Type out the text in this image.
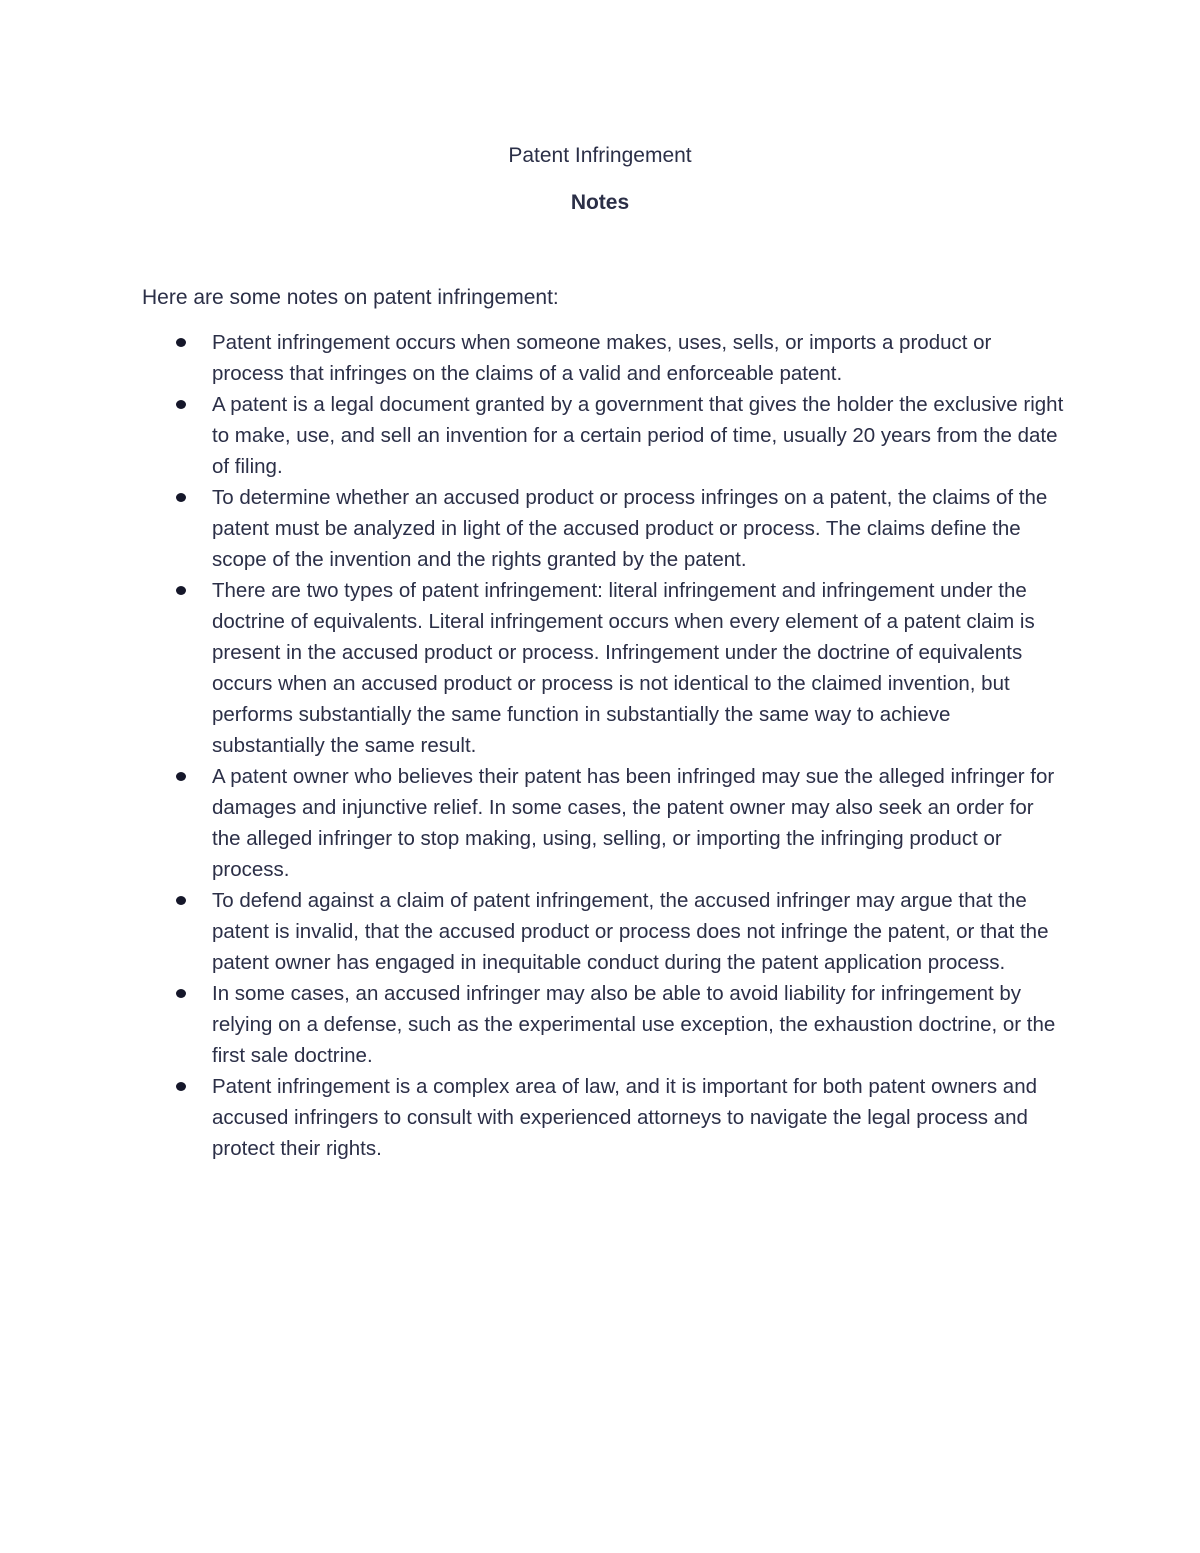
Patent Infringement
Notes

Here are some notes on patent infringement:

Patent infringement occurs when someone makes, uses, sells, or imports a product or process that infringes on the claims of a valid and enforceable patent.
A patent is a legal document granted by a government that gives the holder the exclusive right to make, use, and sell an invention for a certain period of time, usually 20 years from the date of filing.
To determine whether an accused product or process infringes on a patent, the claims of the patent must be analyzed in light of the accused product or process. The claims define the scope of the invention and the rights granted by the patent.
There are two types of patent infringement: literal infringement and infringement under the doctrine of equivalents. Literal infringement occurs when every element of a patent claim is present in the accused product or process. Infringement under the doctrine of equivalents occurs when an accused product or process is not identical to the claimed invention, but performs substantially the same function in substantially the same way to achieve substantially the same result.
A patent owner who believes their patent has been infringed may sue the alleged infringer for damages and injunctive relief. In some cases, the patent owner may also seek an order for the alleged infringer to stop making, using, selling, or importing the infringing product or process.
To defend against a claim of patent infringement, the accused infringer may argue that the patent is invalid, that the accused product or process does not infringe the patent, or that the patent owner has engaged in inequitable conduct during the patent application process.
In some cases, an accused infringer may also be able to avoid liability for infringement by relying on a defense, such as the experimental use exception, the exhaustion doctrine, or the first sale doctrine.
Patent infringement is a complex area of law, and it is important for both patent owners and accused infringers to consult with experienced attorneys to navigate the legal process and protect their rights.
